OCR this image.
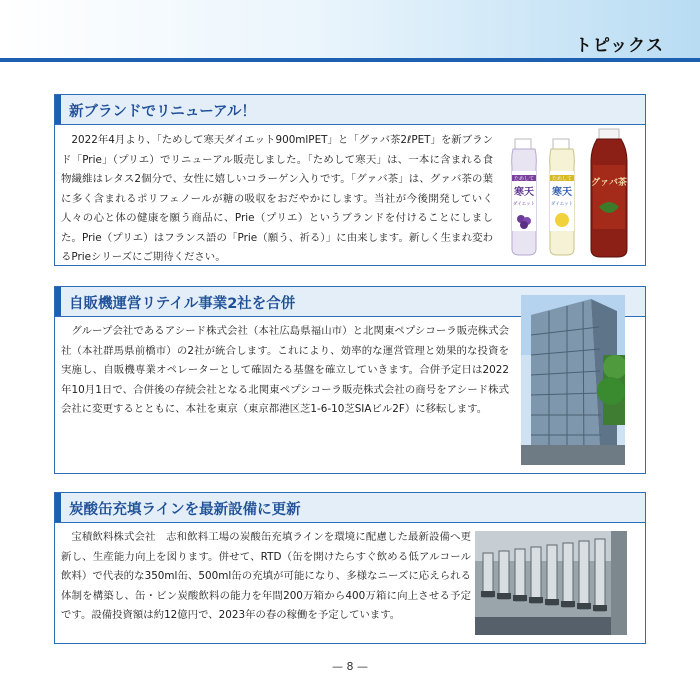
トピックス
新ブランドでリニューアル！

2022年4月より、「ためして寒天ダイエット900mlPET」と「グァバ茶2ℓPET」を新ブランド「Prie」（プリエ）でリニューアル販売しました。「ためして寒天」は、一本に含まれる食物繊維はレタス2個分で、女性に嬉しいコラーゲン入りです。「グァバ茶」は、グァバ茶の葉に多く含まれるポリフェノールが糖の吸収をおだやかにします。当社が今後開発していく人々の心と体の健康を願う商品に、Prie（プリエ）というブランドを付けることにしました。Prie（プリエ）はフランス語の「Prie（願う、祈る）」に由来します。新しく生まれ変わるPrieシリーズにご期待ください。

ためして
寒天
ダイエット
ためして
寒天
ダイエット
グァバ茶
自販機運営リテイル事業2社を合併

グループ会社であるアシード株式会社（本社広島県福山市）と北関東ペプシコーラ販売株式会社（本社群馬県前橋市）の2社が統合します。これにより、効率的な運営管理と効果的な投資を実施し、自販機専業オペレーターとして確固たる基盤を確立していきます。合併予定日は2022年10月1日で、合併後の存続会社となる北関東ペプシコーラ販売株式会社の商号をアシード株式会社に変更するとともに、本社を東京（東京都港区芝1-6-10芝SIAビル2F）に移転します。

炭酸缶充填ラインを最新設備に更新

宝積飲料株式会社　志和飲料工場の炭酸缶充填ラインを環境に配慮した最新設備へ更新し、生産能力向上を図ります。併せて、RTD（缶を開けたらすぐ飲める低アルコール飲料）で代表的な350ml缶、500ml缶の充填が可能になり、多様なニーズに応えられる体制を構築し、缶・ビン炭酸飲料の能力を年間200万箱から400万箱に向上させる予定です。設備投資額は約12億円で、2023年の春の稼働を予定しています。

— 8 —
